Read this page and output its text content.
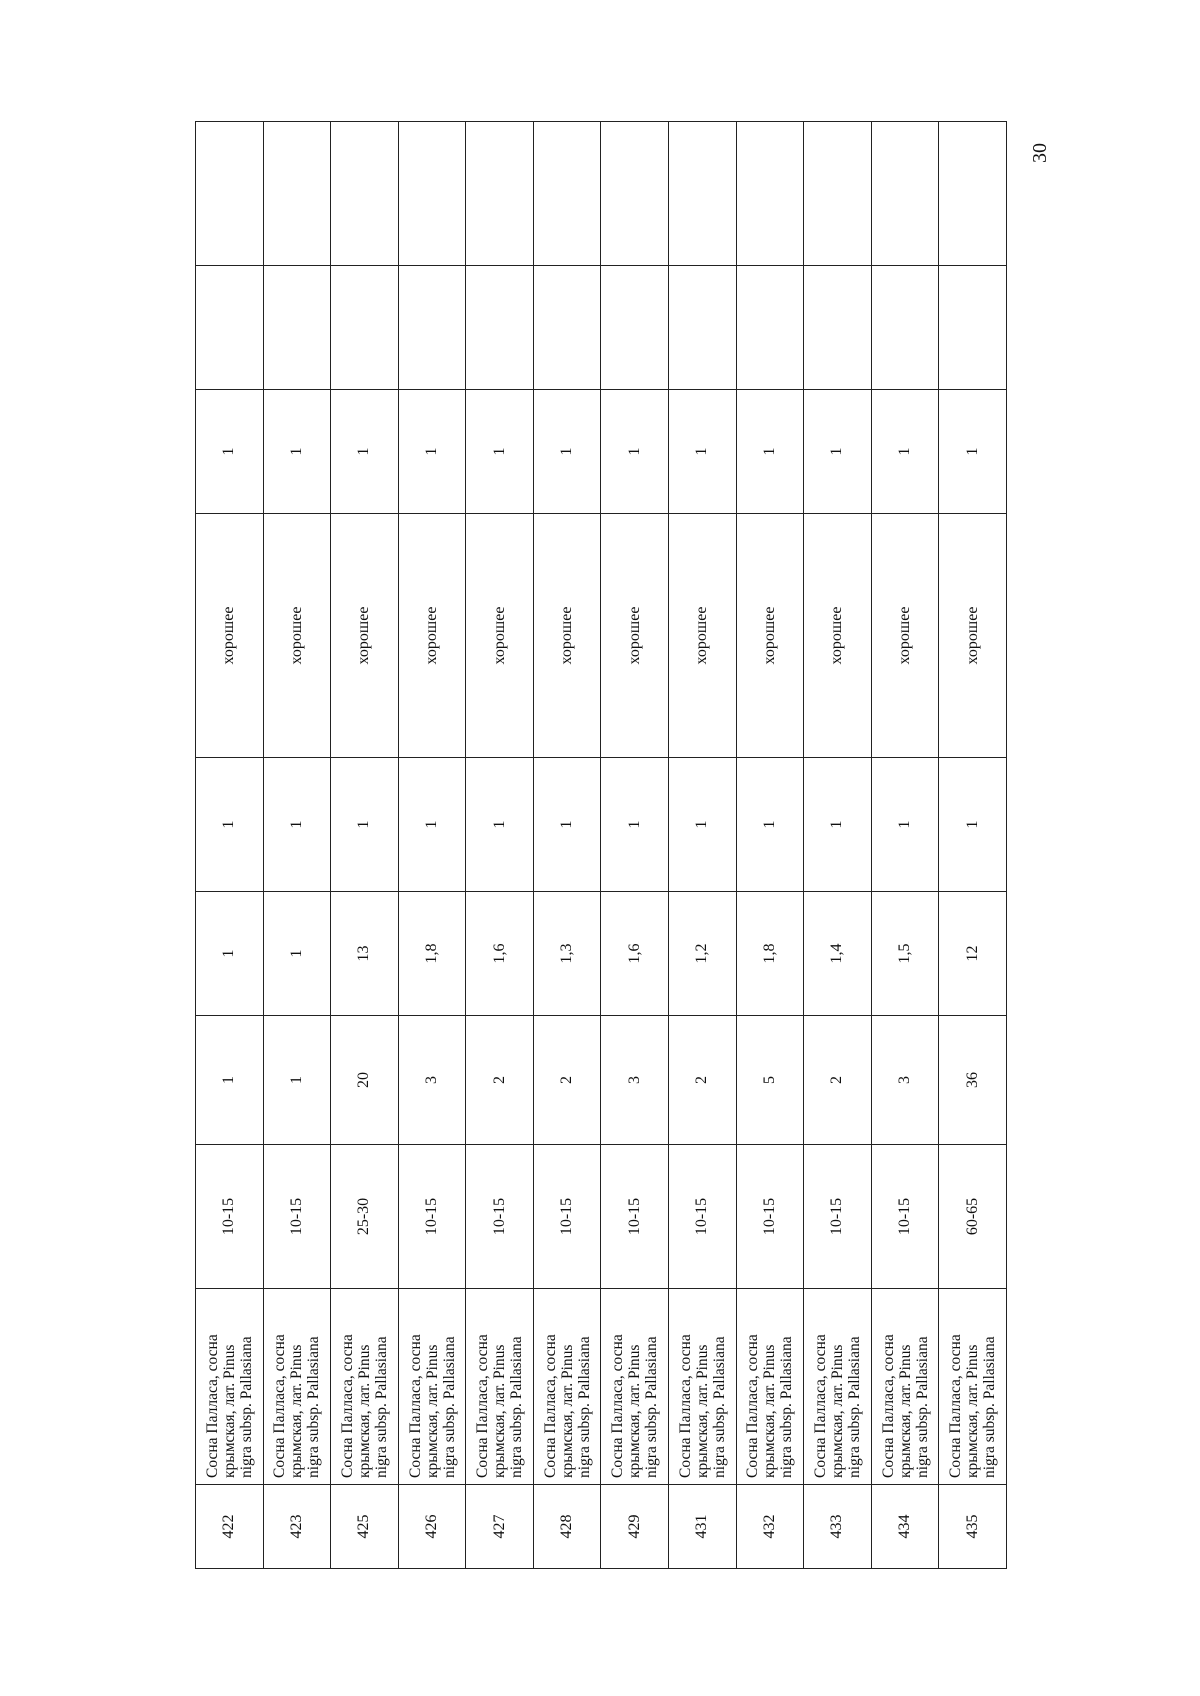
30
422	Сосна Палласа, сосна крымская, лат. Pinus nigra subsp. Pallasiana	10-15	1	1	1	хорошее	1		
423	Сосна Палласа, сосна крымская, лат. Pinus nigra subsp. Pallasiana	10-15	1	1	1	хорошее	1		
425	Сосна Палласа, сосна крымская, лат. Pinus nigra subsp. Pallasiana	25-30	20	13	1	хорошее	1		
426	Сосна Палласа, сосна крымская, лат. Pinus nigra subsp. Pallasiana	10-15	3	1,8	1	хорошее	1		
427	Сосна Палласа, сосна крымская, лат. Pinus nigra subsp. Pallasiana	10-15	2	1,6	1	хорошее	1		
428	Сосна Палласа, сосна крымская, лат. Pinus nigra subsp. Pallasiana	10-15	2	1,3	1	хорошее	1		
429	Сосна Палласа, сосна крымская, лат. Pinus nigra subsp. Pallasiana	10-15	3	1,6	1	хорошее	1		
431	Сосна Палласа, сосна крымская, лат. Pinus nigra subsp. Pallasiana	10-15	2	1,2	1	хорошее	1		
432	Сосна Палласа, сосна крымская, лат. Pinus nigra subsp. Pallasiana	10-15	5	1,8	1	хорошее	1		
433	Сосна Палласа, сосна крымская, лат. Pinus nigra subsp. Pallasiana	10-15	2	1,4	1	хорошее	1		
434	Сосна Палласа, сосна крымская, лат. Pinus nigra subsp. Pallasiana	10-15	3	1,5	1	хорошее	1		
435	Сосна Палласа, сосна крымская, лат. Pinus nigra subsp. Pallasiana	60-65	36	12	1	хорошее	1		
